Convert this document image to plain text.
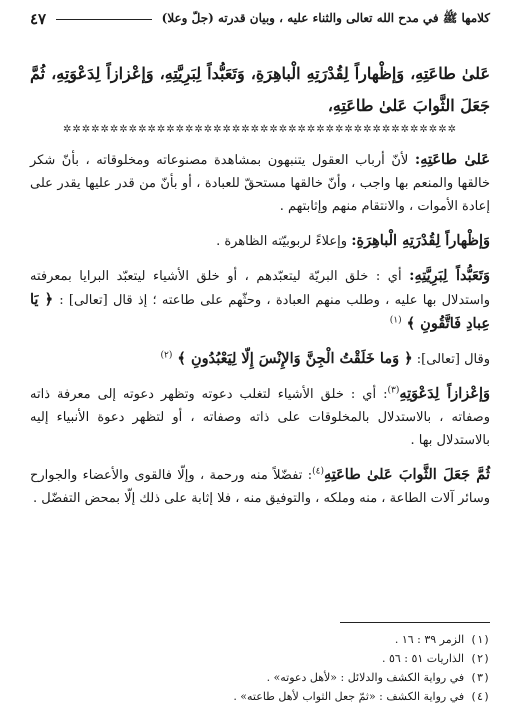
كلامها ﷺ في مدح الله تعالى والثناء عليه ، وبيان قدرته (جلّ وعلا)
٤٧
عَلىٰ طاعَتِهِ، وَإظْهاراً لِقُدْرَتِهِ الْباهِرَةِ، وَتَعَبُّداً لِبَرِيَّتِهِ، وَإعْزازاً لِدَعْوَتِهِ، ثُمَّ جَعَلَ الثَّوابَ عَلىٰ طاعَتِهِ،
✲✲✲✲✲✲✲✲✲✲✲✲✲✲✲✲✲✲✲✲✲✲✲✲✲✲✲✲✲✲✲✲✲✲✲✲✲✲✲✲✲✲

عَلىٰ طاعَتِهِ: لأنّ أرباب العقول يتنبهون بمشاهدة مصنوعاته ومخلوقاته ، بأنّ شكر خالقها والمنعم بها واجب ، وأنّ خالقها مستحقّ للعبادة ، أو بأنّ من قدر عليها يقدر على إعادة الأموات ، والانتقام منهم وإثابتهم .

وَإظْهاراً لِقُدْرَتِهِ الْباهِرَةِ: وإعلاءً لربوبيّته الظاهرة .

وَتَعَبُّداً لِبَرِيَّتِهِ: أي : خلق البريّة ليتعبّدهم ، أو خلق الأشياء ليتعبّد البرايا بمعرفته واستدلال بها عليه ، وطلب منهم العبادة ، وحثّهم على طاعته ؛ إذ قال [تعالى] : ﴿ يَا عِبادِ فَاتَّقُونِ ﴾ $^{(١)}$

وقال [تعالى]: ﴿ وَما خَلَقْتُ الْجِنَّ وَالإِنْسَ إِلّا لِيَعْبُدُونِ ﴾ $^{(٢)}$

وَإعْزازاً لِدَعْوَتِهِ$^{(٣)}$: أي : خلق الأشياء لتغلب دعوته وتظهر دعوته إلى معرفة ذاته وصفاته ، بالاستدلال بالمخلوقات على ذاته وصفاته ، أو لتظهر دعوة الأنبياء إليه بالاستدلال بها .

ثُمَّ جَعَلَ الثَّوابَ عَلىٰ طاعَتِهِ$^{(٤)}$: تفضّلاً منه ورحمة ، وإلّا فالقوى والأعضاء والجوارح وسائر آلات الطاعة ، منه وملكه ، والتوفيق منه ، فلا إثابة على ذلك إلّا بمحض التفضّل .

(١)الزمر ٣٩ : ١٦ .

(٢)الذاريات ٥١ : ٥٦ .

(٣)في رواية الكشف والدلائل : «لأهل دعوته» .

(٤)في رواية الكشف : «ثمّ جعل الثواب لأهل طاعته» .
